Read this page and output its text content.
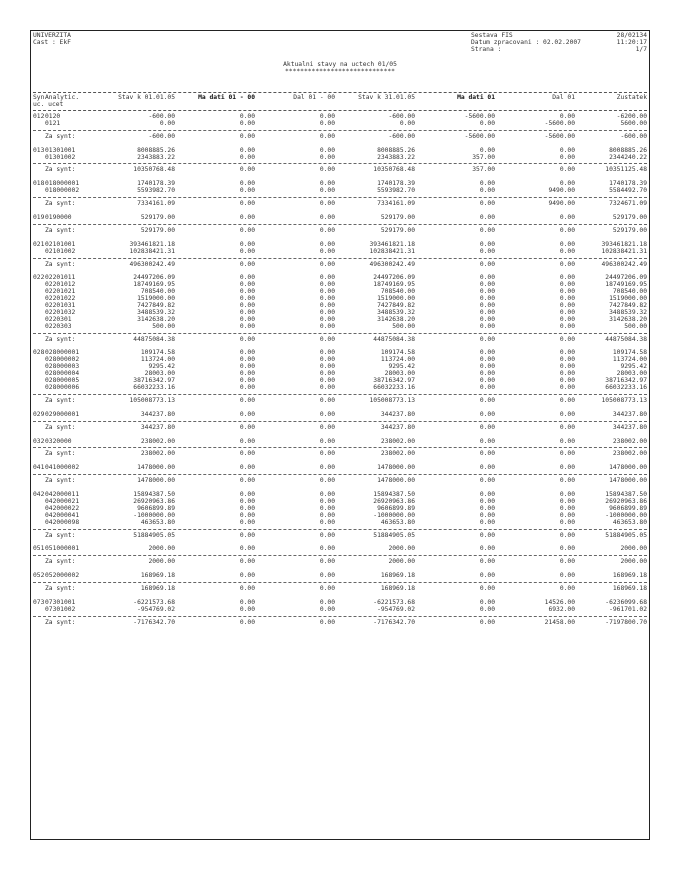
UNIVERZITA
Cast : EkF
Sestava FIS	28/02134
Datum zpracovani : 02.02.2007	11:20:17
Strana :	1/7
Aktualni stavy na uctech 01/05
*****************************
Syn Analytic.	Stav k 01.01.05	Ma dati 01 - 00	Dal 01 - 00	Stav k 31.01.05	Ma dati 01	Dal 01	Zustatek
uc. ucet
012 0120	-600.00	0.00	0.00	-600.00	-5600.00	0.00	-6200.00
0121	0.00	0.00	0.00	0.00	0.00	-5600.00	5600.00
Za synt:	-600.00	0.00	0.00	-600.00	-5600.00	-5600.00	-600.00
013 01301001	8008885.26	0.00	0.00	8008885.26	0.00	0.00	8008885.26
01301002	2343883.22	0.00	0.00	2343883.22	357.00	0.00	2344240.22
Za synt:	10350768.48	0.00	0.00	10350768.48	357.00	0.00	10351125.48
018 018000001	1740178.39	0.00	0.00	1740178.39	0.00	0.00	1740178.39
018000002	5593982.70	0.00	0.00	5593982.70	0.00	9490.00	5584492.70
Za synt:	7334161.09	0.00	0.00	7334161.09	0.00	9490.00	7324671.09
019 0190000	529179.00	0.00	0.00	529179.00	0.00	0.00	529179.00
Za synt:	529179.00	0.00	0.00	529179.00	0.00	0.00	529179.00
021 02101001	393461821.18	0.00	0.00	393461821.18	0.00	0.00	393461821.18
02101002	102838421.31	0.00	0.00	102838421.31	0.00	0.00	102838421.31
Za synt:	496300242.49	0.00	0.00	496300242.49	0.00	0.00	496300242.49
022 02201011	24497206.09	0.00	0.00	24497206.09	0.00	0.00	24497206.09
02201012	18749169.95	0.00	0.00	18749169.95	0.00	0.00	18749169.95
02201021	708540.00	0.00	0.00	708540.00	0.00	0.00	708540.00
02201022	1519000.00	0.00	0.00	1519000.00	0.00	0.00	1519000.00
02201031	7427849.82	0.00	0.00	7427849.82	0.00	0.00	7427849.82
02201032	3488539.32	0.00	0.00	3488539.32	0.00	0.00	3488539.32
0220301	3142638.20	0.00	0.00	3142638.20	0.00	0.00	3142638.20
0220303	500.00	0.00	0.00	500.00	0.00	0.00	500.00
Za synt:	44875084.38	0.00	0.00	44875084.38	0.00	0.00	44875084.38
028 028000001	109174.58	0.00	0.00	109174.58	0.00	0.00	109174.58
028000002	113724.00	0.00	0.00	113724.00	0.00	0.00	113724.00
028000003	9295.42	0.00	0.00	9295.42	0.00	0.00	9295.42
028000004	28003.00	0.00	0.00	28003.00	0.00	0.00	28003.00
028000005	38716342.97	0.00	0.00	38716342.97	0.00	0.00	38716342.97
028000006	66032233.16	0.00	0.00	66032233.16	0.00	0.00	66032233.16
Za synt:	105008773.13	0.00	0.00	105008773.13	0.00	0.00	105008773.13
029 029000001	344237.80	0.00	0.00	344237.80	0.00	0.00	344237.80
Za synt:	344237.80	0.00	0.00	344237.80	0.00	0.00	344237.80
032 0320000	238002.00	0.00	0.00	238002.00	0.00	0.00	238002.00
Za synt:	238002.00	0.00	0.00	238002.00	0.00	0.00	238002.00
041 041000002	1478000.00	0.00	0.00	1478000.00	0.00	0.00	1478000.00
Za synt:	1478000.00	0.00	0.00	1478000.00	0.00	0.00	1478000.00
042 042000011	15894387.50	0.00	0.00	15894387.50	0.00	0.00	15894387.50
042000021	26920963.86	0.00	0.00	26920963.86	0.00	0.00	26920963.86
042000022	9606899.89	0.00	0.00	9606899.89	0.00	0.00	9606899.89
042000041	-1000000.00	0.00	0.00	-1000000.00	0.00	0.00	-1000000.00
042000098	463653.80	0.00	0.00	463653.80	0.00	0.00	463653.80
Za synt:	51884905.05	0.00	0.00	51884905.05	0.00	0.00	51884905.05
051 051000001	2000.00	0.00	0.00	2000.00	0.00	0.00	2000.00
Za synt:	2000.00	0.00	0.00	2000.00	0.00	0.00	2000.00
052 052000002	168969.18	0.00	0.00	168969.18	0.00	0.00	168969.18
Za synt:	168969.18	0.00	0.00	168969.18	0.00	0.00	168969.18
073 07301001	-6221573.68	0.00	0.00	-6221573.68	0.00	14526.00	-6236099.68
07301002	-954769.02	0.00	0.00	-954769.02	0.00	6932.00	-961701.02
Za synt:	-7176342.70	0.00	0.00	-7176342.70	0.00	21458.00	-7197800.70
